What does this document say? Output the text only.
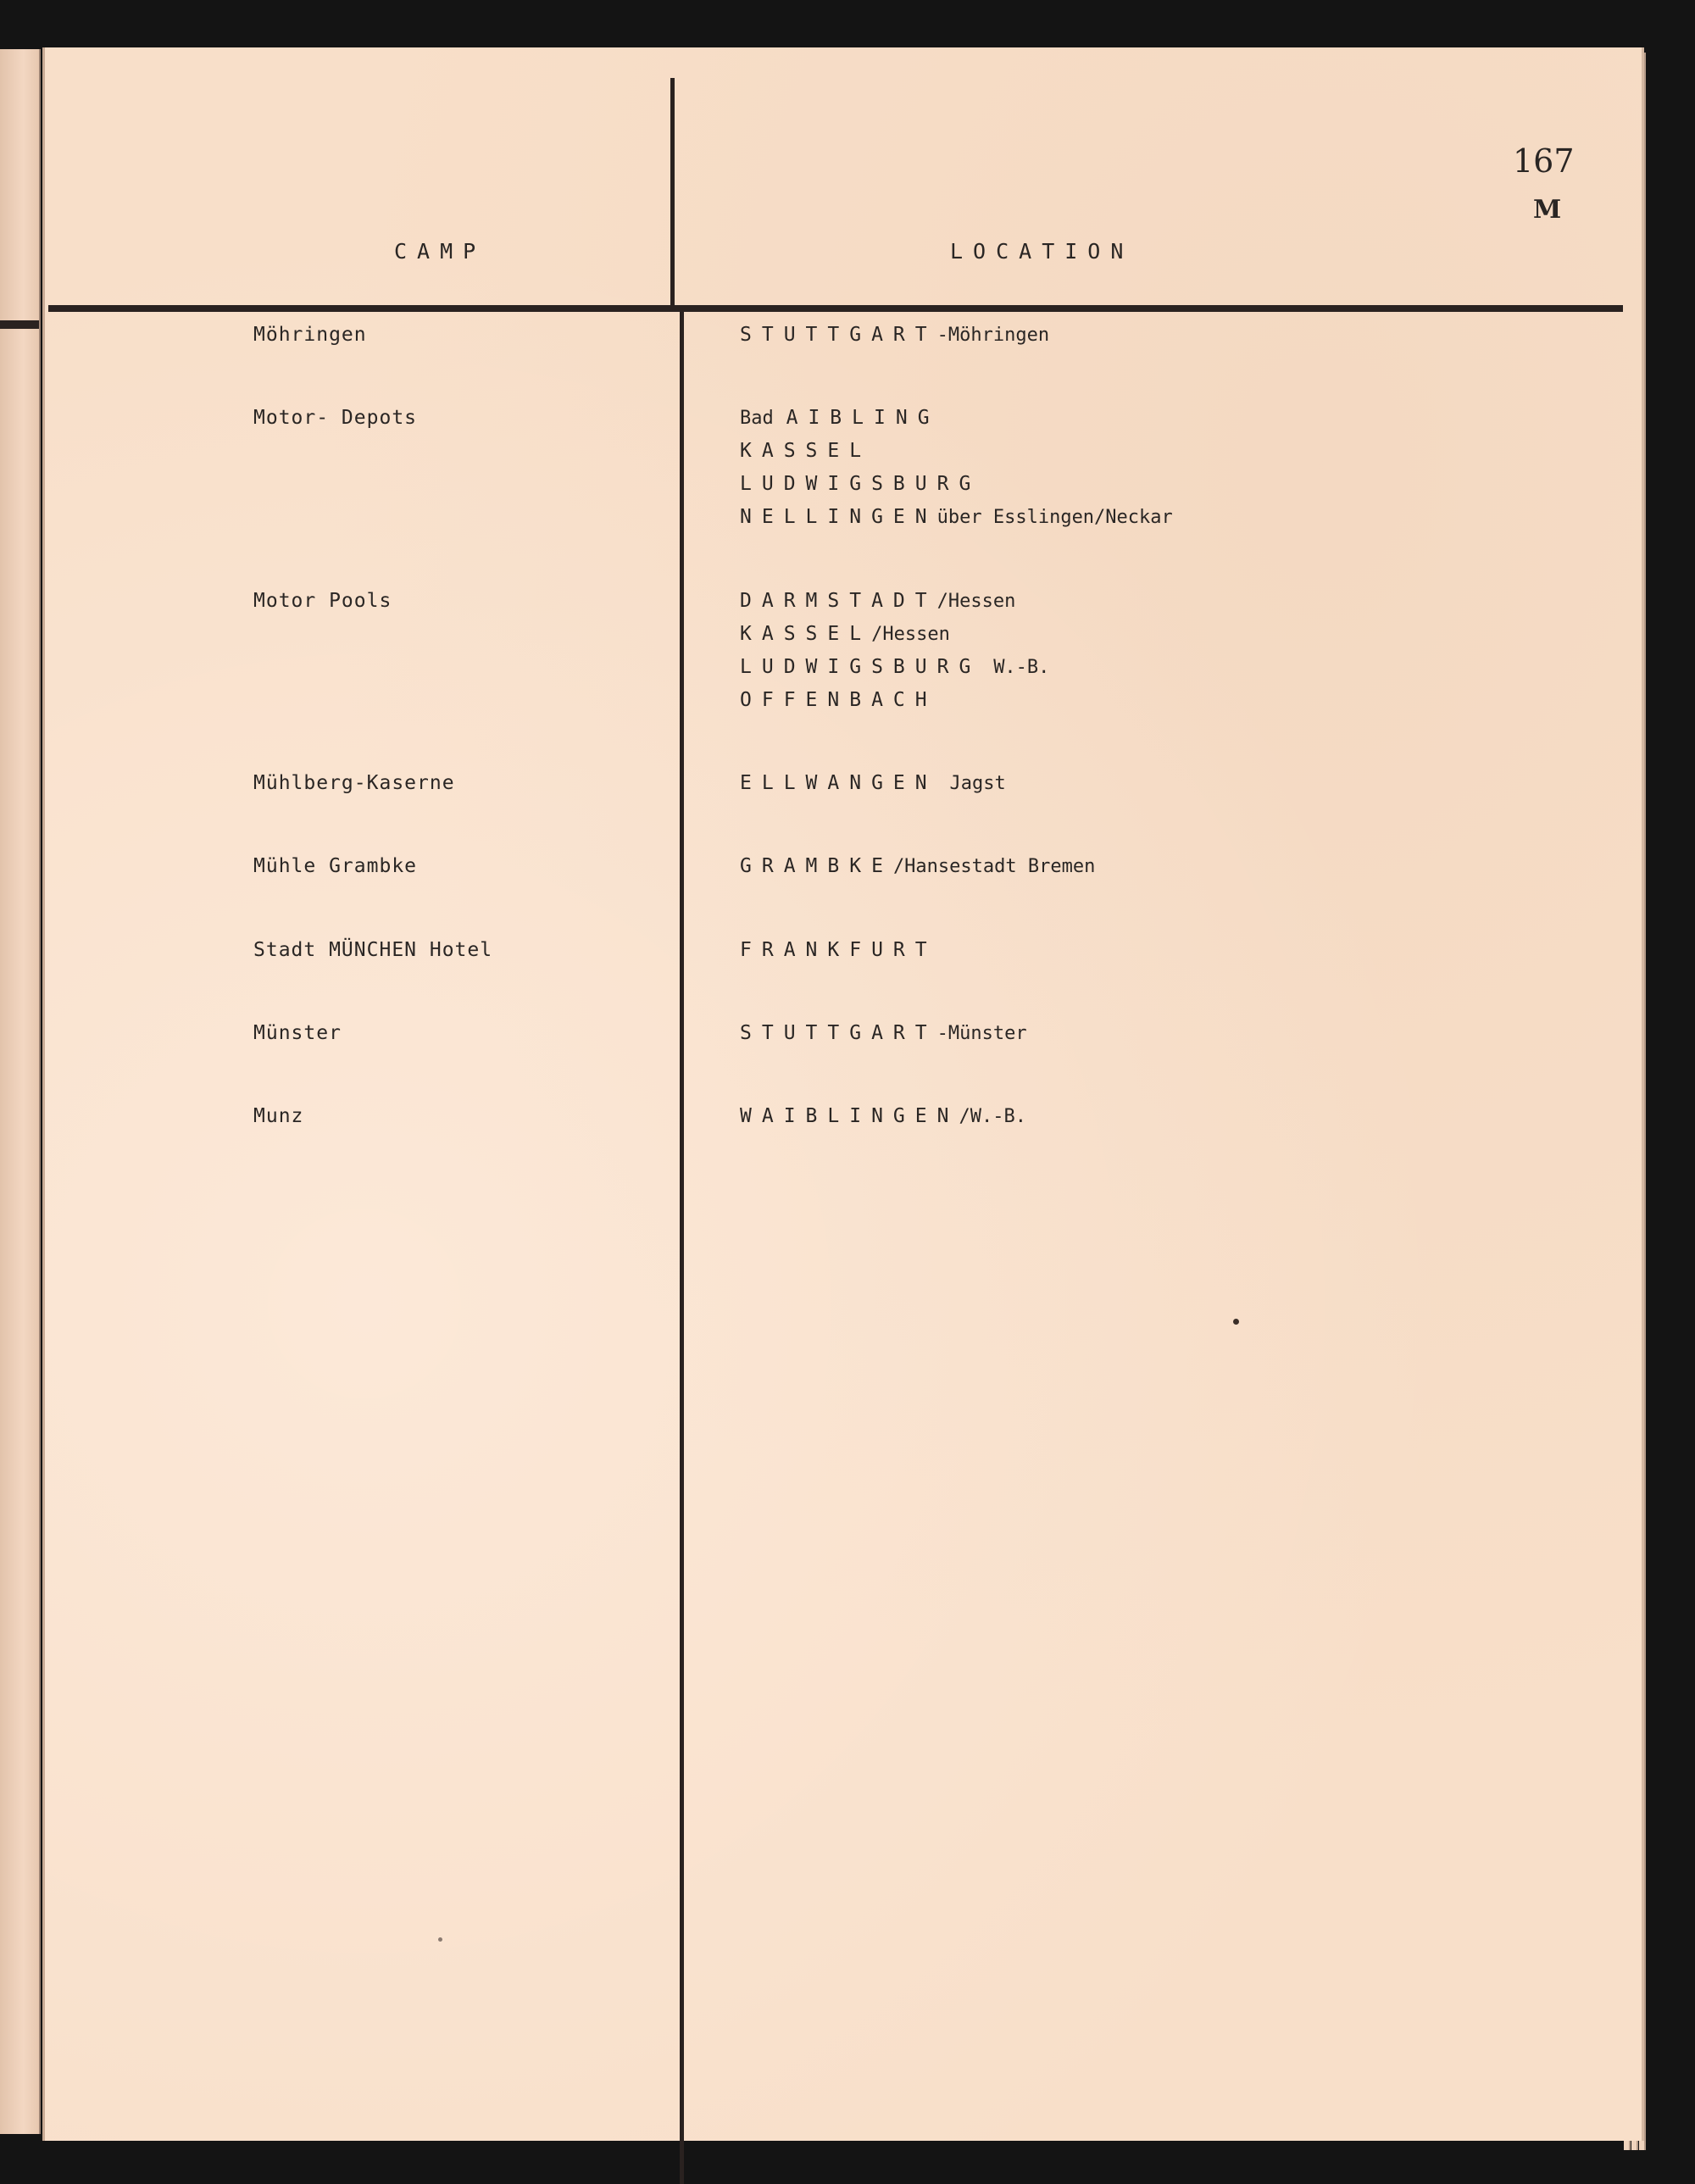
167
M
CAMP	LOCATION
Möhringen	STUTTGART-Möhringen
Motor- Depots	Bad AIBLING
KASSEL
LUDWIGSBURG
NELLINGENüber Esslingen/Neckar
Motor Pools	DARMSTADT/Hessen
KASSEL/Hessen
LUDWIGSBURG W.-B.
OFFENBACH
Mühlberg-Kaserne	ELLWANGEN Jagst
Mühle Grambke	GRAMBKE/Hansestadt Bremen
Stadt MÜNCHEN Hotel	FRANKFURT
Münster	STUTTGART-Münster
Munz	WAIBLINGEN/W.-B.
